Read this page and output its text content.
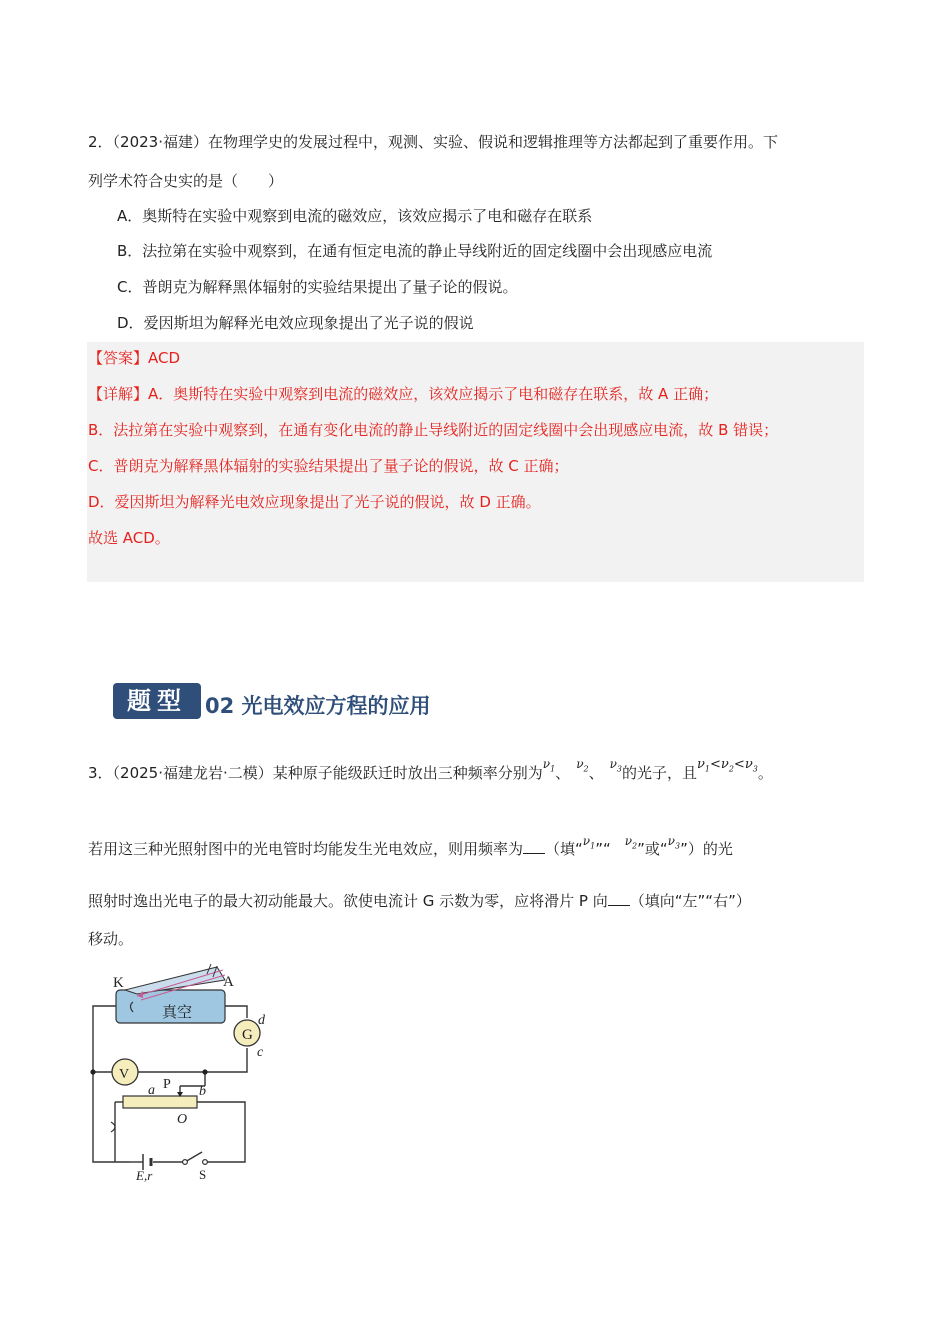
2．（2023·福建）在物理学史的发展过程中，观测、实验、假说和逻辑推理等方法都起到了重要作用。下
列学术符合史实的是（　　）
A．奥斯特在实验中观察到电流的磁效应，该效应揭示了电和磁存在联系
B．法拉第在实验中观察到，在通有恒定电流的静止导线附近的固定线圈中会出现感应电流
C．普朗克为解释黑体辐射的实验结果提出了量子论的假说。
D．爱因斯坦为解释光电效应现象提出了光子说的假说
【答案】ACD
【详解】A．奥斯特在实验中观察到电流的磁效应，该效应揭示了电和磁存在联系，故 A 正确；
B．法拉第在实验中观察到，在通有变化电流的静止导线附近的固定线圈中会出现感应电流，故 B 错误；
C．普朗克为解释黑体辐射的实验结果提出了量子论的假说，故 C 正确；
D．爱因斯坦为解释光电效应现象提出了光子说的假说，故 D 正确。
故选 ACD。
题型 02 光电效应方程的应用
3．（2025·福建龙岩·二模）某种原子能级跃迁时放出三种频率分别为$^{\nu_1}$、 $^{\nu_2}$、 $^{\nu_3}$的光子，且$\nu_1<\nu_2<\nu_3$。
若用这三种光照射图中的光电管时均能发生光电效应，则用频率为 （填“$^{\nu_1}$”“ $^{\nu_2}$”或“$^{\nu_3}$”）的光
照射时逸出光电子的最大初动能最大。欲使电流计 G 示数为零，应将滑片 P 向 （填向“左”“右”）
移动。
K	A
真空
G
d
c
V
a P b
O
E,r	S
